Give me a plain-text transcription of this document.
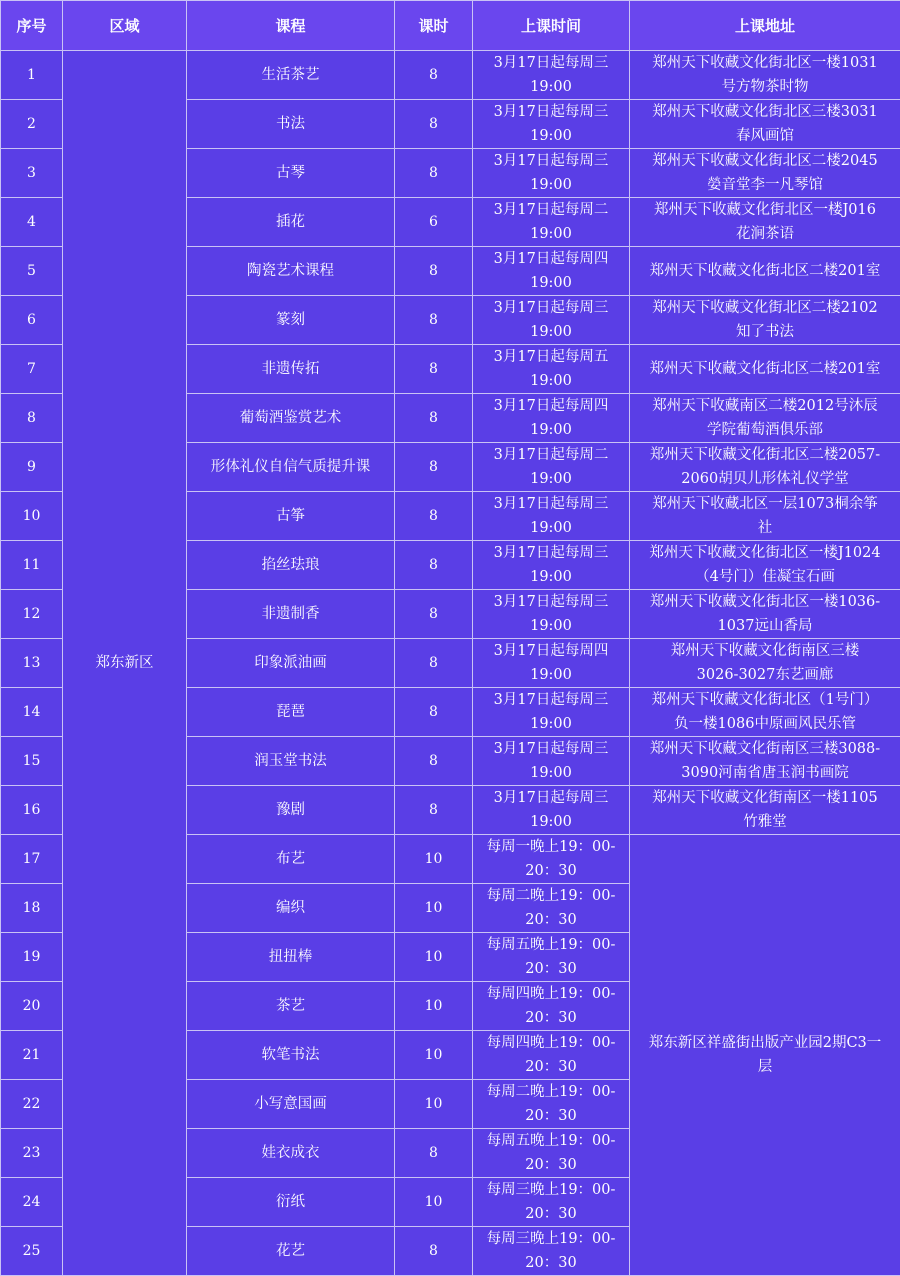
序号	区域	课程	课时	上课时间	上课地址
1	郑东新区	生活茶艺	8	3月17日起每周三
19:00	郑州天下收藏文化街北区一楼1031
号方物茶时物
2		书法	8	3月17日起每周三
19:00	郑州天下收藏文化街北区三楼3031
春风画馆
3		古琴	8	3月17日起每周三
19:00	郑州天下收藏文化街北区二楼2045
嫈音堂李一凡琴馆
4		插花	6	3月17日起每周二
19:00	郑州天下收藏文化街北区一楼J016
花涧茶语
5		陶瓷艺术课程	8	3月17日起每周四
19:00	郑州天下收藏文化街北区二楼201室
6		篆刻	8	3月17日起每周三
19:00	郑州天下收藏文化街北区二楼2102
知了书法
7		非遗传拓	8	3月17日起每周五
19:00	郑州天下收藏文化街北区二楼201室
8		葡萄酒鉴赏艺术	8	3月17日起每周四
19:00	郑州天下收藏南区二楼2012号沐辰
学院葡萄酒俱乐部
9		形体礼仪自信气质提升课	8	3月17日起每周二
19:00	郑州天下收藏文化街北区二楼2057-
2060胡贝儿形体礼仪学堂
10		古筝	8	3月17日起每周三
19:00	郑州天下收藏北区一层1073桐余筝
社
11		掐丝珐琅	8	3月17日起每周三
19:00	郑州天下收藏文化街北区一楼J1024
（4号门）佳凝宝石画
12		非遗制香	8	3月17日起每周三
19:00	郑州天下收藏文化街北区一楼1036-
1037远山香局
13		印象派油画	8	3月17日起每周四
19:00	郑州天下收藏文化街南区三楼
3026-3027东艺画廊
14		琵琶	8	3月17日起每周三
19:00	郑州天下收藏文化街北区（1号门）
负一楼1086中原画风民乐管
15		润玉堂书法	8	3月17日起每周三
19:00	郑州天下收藏文化街南区三楼3088-
3090河南省唐玉润书画院
16		豫剧	8	3月17日起每周三
19:00	郑州天下收藏文化街南区一楼1105
竹雅堂
17		布艺	10	每周一晚上19：00-
20：30	郑东新区祥盛街出版产业园2期C3一
层
18		编织	10	每周二晚上19：00-
20：30	
19		扭扭棒	10	每周五晚上19：00-
20：30	
20		茶艺	10	每周四晚上19：00-
20：30	
21		软笔书法	10	每周四晚上19：00-
20：30	
22		小写意国画	10	每周二晚上19：00-
20：30	
23		娃衣成衣	8	每周五晚上19：00-
20：30	
24		衍纸	10	每周三晚上19：00-
20：30	
25		花艺	8	每周三晚上19：00-
20：30	
